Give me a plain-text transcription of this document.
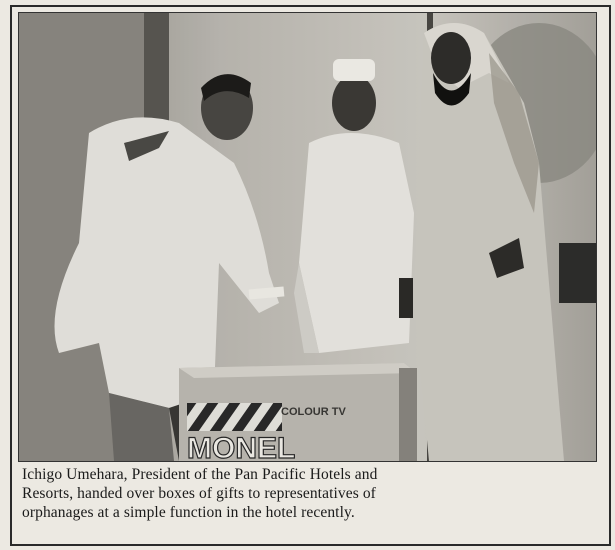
COLOUR TV
MONEL
Ichigo Umehara, President of the Pan Pacific Hotels and
Resorts, handed over boxes of gifts to representatives of
orphanages at a simple function in the hotel recently.
